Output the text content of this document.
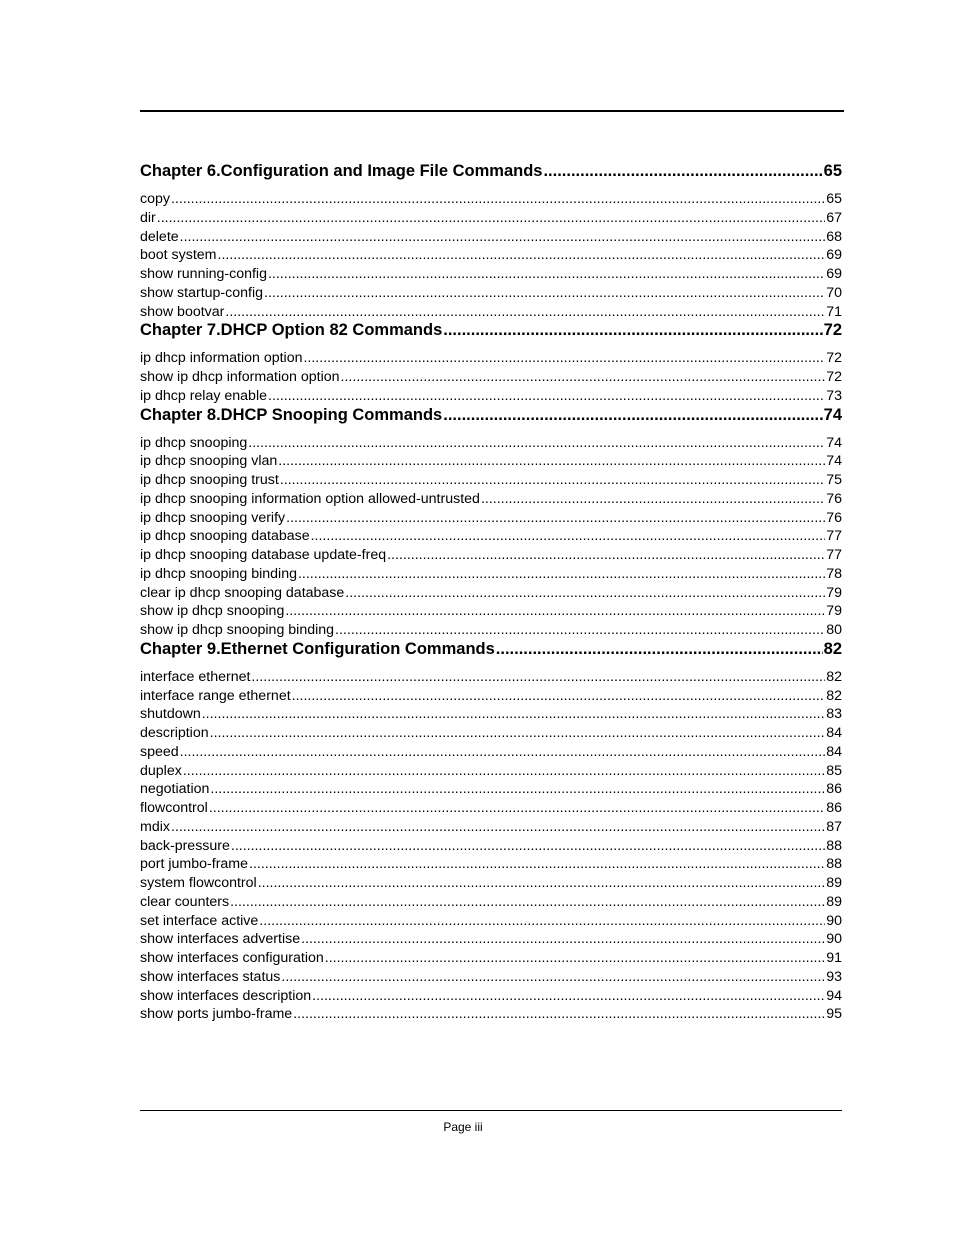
Chapter 6.Configuration and Image File Commands .....	65
copy .....	65
dir .....	67
delete .....	68
boot system .....	69
show running-config .....	69
show startup-config .....	70
show bootvar .....	71
Chapter 7.DHCP Option 82 Commands .....	72
ip dhcp information option .....	72
show ip dhcp information option .....	72
ip dhcp relay enable .....	73
Chapter 8.DHCP Snooping Commands .....	74
ip dhcp snooping .....	74
ip dhcp snooping vlan .....	74
ip dhcp snooping trust .....	75
ip dhcp snooping information option allowed-untrusted .....	76
ip dhcp snooping verify .....	76
ip dhcp snooping database .....	77
ip dhcp snooping database update-freq .....	77
ip dhcp snooping binding .....	78
clear ip dhcp snooping database .....	79
show ip dhcp snooping .....	79
show ip dhcp snooping binding .....	80
Chapter 9.Ethernet Configuration Commands .....	82
interface ethernet .....	82
interface range ethernet .....	82
shutdown .....	83
description .....	84
speed .....	84
duplex .....	85
negotiation .....	86
flowcontrol .....	86
mdix .....	87
back-pressure .....	88
port jumbo-frame .....	88
system flowcontrol .....	89
clear counters .....	89
set interface active .....	90
show interfaces advertise .....	90
show interfaces configuration .....	91
show interfaces status .....	93
show interfaces description .....	94
show ports jumbo-frame .....	95
Page iii
